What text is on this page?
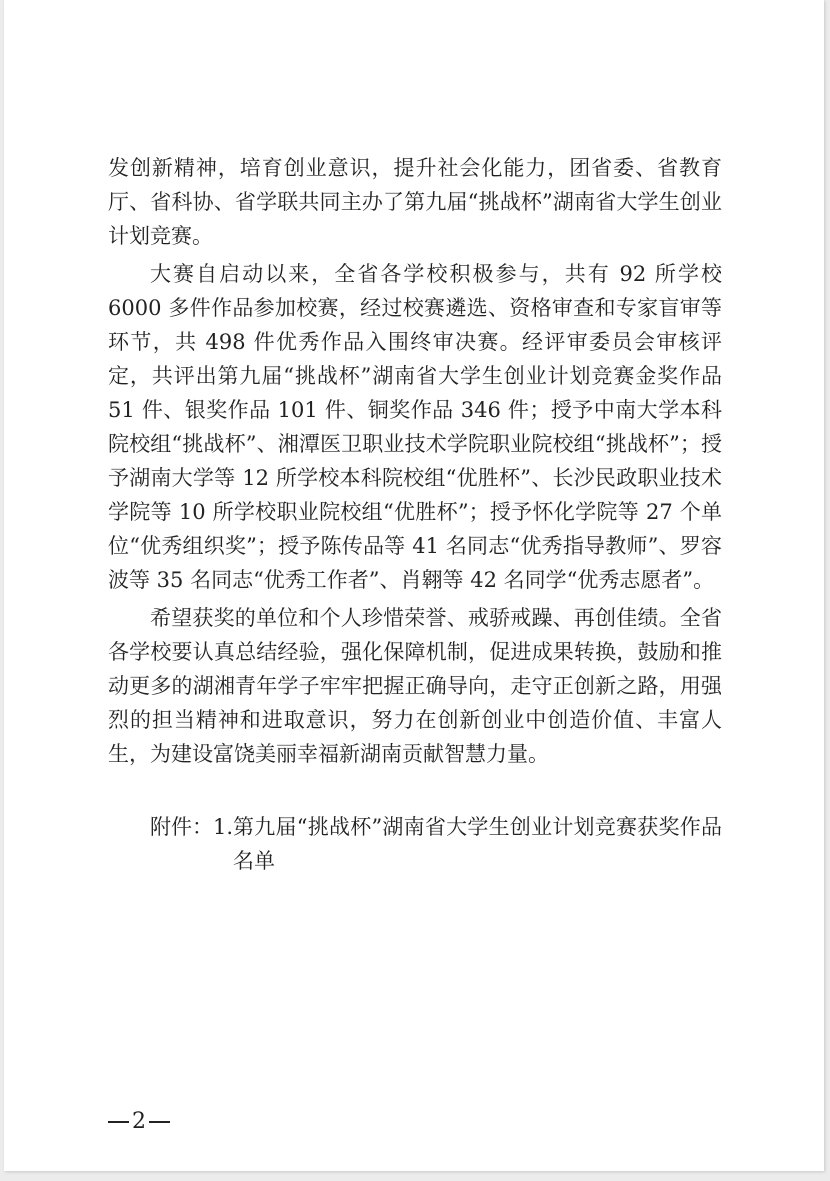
发创新精神，培育创业意识，提升社会化能力，团省委、省教育厅、省科协、省学联共同主办了第九届“挑战杯”湖南省大学生创业计划竞赛。

大赛自启动以来，全省各学校积极参与，共有 92 所学校 6000 多件作品参加校赛，经过校赛遴选、资格审查和专家盲审等环节，共 498 件优秀作品入围终审决赛。经评审委员会审核评定，共评出第九届“挑战杯”湖南省大学生创业计划竞赛金奖作品 51 件、银奖作品 101 件、铜奖作品 346 件；授予中南大学本科院校组“挑战杯”、湘潭医卫职业技术学院职业院校组“挑战杯”；授予湖南大学等 12 所学校本科院校组“优胜杯”、长沙民政职业技术学院等 10 所学校职业院校组“优胜杯”；授予怀化学院等 27 个单位“优秀组织奖”；授予陈传品等 41 名同志“优秀指导教师”、罗容波等 35 名同志“优秀工作者”、肖翱等 42 名同学“优秀志愿者”。

希望获奖的单位和个人珍惜荣誉、戒骄戒躁、再创佳绩。全省各学校要认真总结经验，强化保障机制，促进成果转换，鼓励和推动更多的湖湘青年学子牢牢把握正确导向，走守正创新之路，用强烈的担当精神和进取意识，努力在创新创业中创造价值、丰富人生，为建设富饶美丽幸福新湖南贡献智慧力量。

附件：1. 第九届“挑战杯”湖南省大学生创业计划竞赛获奖作品名单
2
